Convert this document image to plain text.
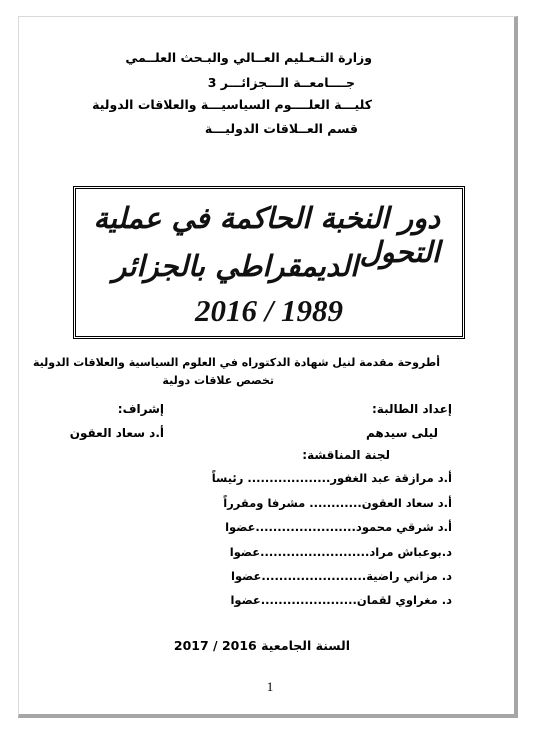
وزارة التـعـليم العــالي والبـحث العلــمي
جــــامعــة الـــجزائـــر 3
كليـــة العلــــوم السياسيـــة والعلاقات الدولية
قسم العــلاقات الدوليـــة
دور النخبة الحاكمة في عملية التحول
الديمقراطي بالجزائر
2016 / 1989
أطروحة مقدمة لنيل شهادة الدكتوراه في العلوم السياسية والعلاقات الدولية
تخصص علاقات دولية
إعداد الطالبة:
إشراف:
ليلى سيدهم
أ.د سعاد العقون
لجنة المناقشة:
أ.د مرازقة عبد الغفور................... رئيساً
أ.د سعاد العقون............ مشرفا ومقرراً
أ.د شرقي محمود.......................عضوا
د.بوعباش مراد.........................عضوا
د. مزاني راضية........................عضوا
د. مغراوي لقمان......................عضوا
السنة الجامعية 2016 / 2017
1
